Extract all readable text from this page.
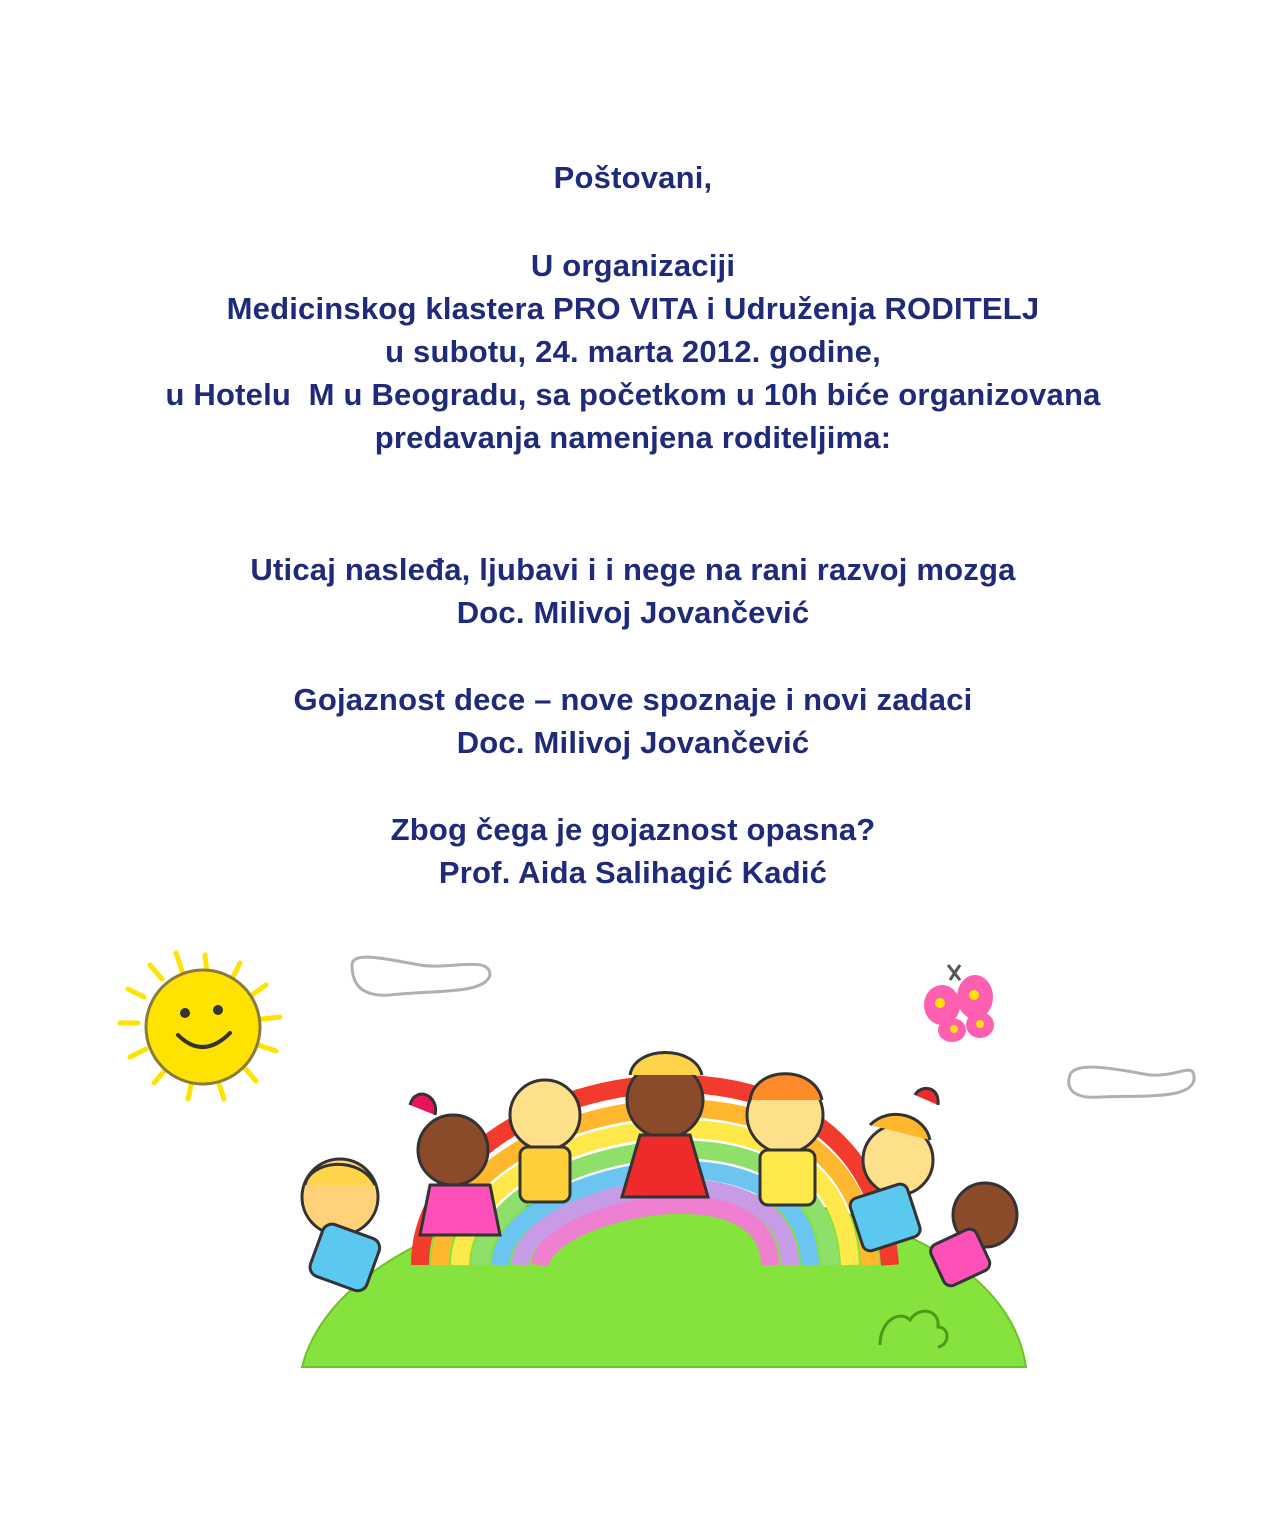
Poštovani,
U organizaciji
Medicinskog klastera PRO VITA i Udruženja RODITELJ
u subotu, 24. marta 2012. godine,
u Hotelu  M u Beogradu, sa početkom u 10h biće organizovana
predavanja namenjena roditeljima:
Uticaj nasleđa, ljubavi i i nege na rani razvoj mozga
Doc. Milivoj Jovančević
Gojaznost dece – nove spoznaje i novi zadaci
Doc. Milivoj Jovančević
Zbog čega je gojaznost opasna?
Prof. Aida Salihagić Kadić
